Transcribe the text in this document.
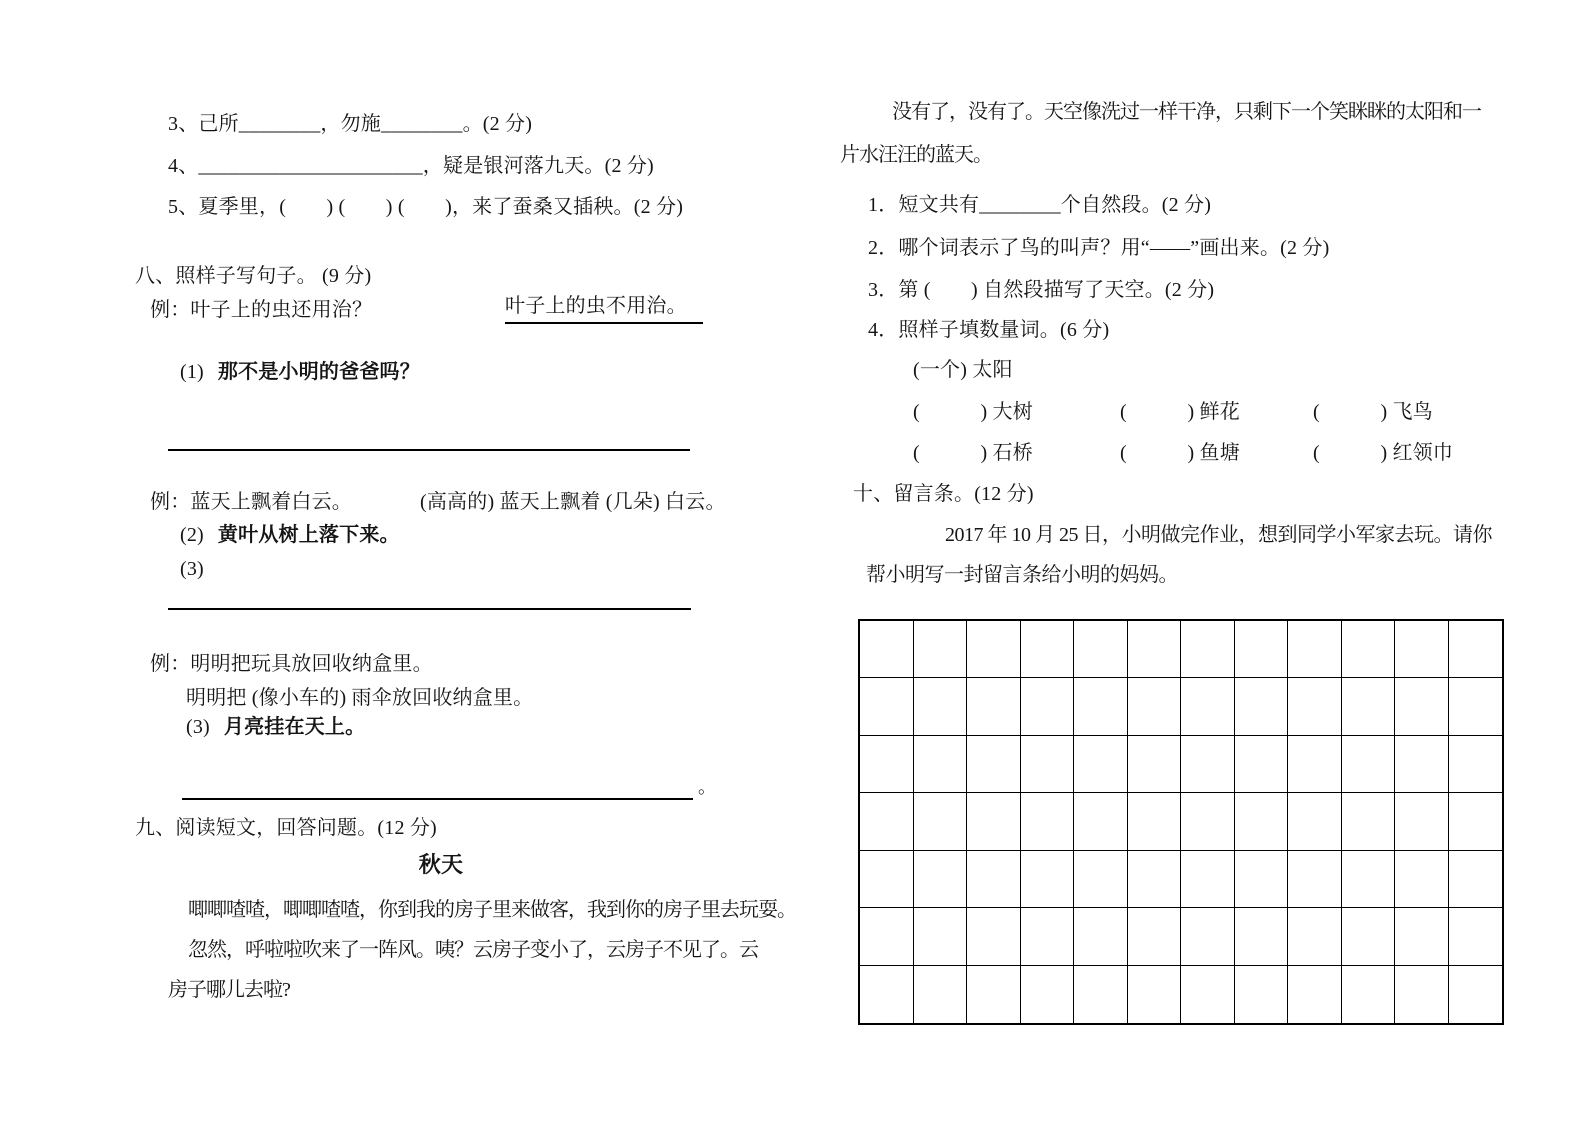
3、己所________，勿施________。(2 分)
4、______________________，疑是银河落九天。(2 分)
5、夏季里，(　　) (　　) (　　)，来了蚕桑又插秧。(2 分)
八、照样子写句子。 (9 分)
例：叶子上的虫还用治？	叶子上的虫不用治。
(1) 那不是小明的爸爸吗？
例：蓝天上飘着白云。	(高高的) 蓝天上飘着 (几朵) 白云。
(2) 黄叶从树上落下来。
(3)
例：明明把玩具放回收纳盒里。
明明把 (像小车的) 雨伞放回收纳盒里。
(3) 月亮挂在天上。
。
九、阅读短文，回答问题。(12 分)
秋天
唧唧喳喳，唧唧喳喳，你到我的房子里来做客，我到你的房子里去玩耍。
忽然，呼啦啦吹来了一阵风。咦？云房子变小了，云房子不见了。云
房子哪儿去啦?
没有了，没有了。天空像洗过一样干净，只剩下一个笑眯眯的太阳和一
片水汪汪的蓝天。
1．短文共有________个自然段。(2 分)
2．哪个词表示了鸟的叫声？用“——”画出来。(2 分)
3．第 (　　) 自然段描写了天空。(2 分)
4．照样子填数量词。(6 分)
(一个) 太阳
(　　　) 大树	(　　　) 鲜花	(　　　) 飞鸟
(　　　) 石桥	(　　　) 鱼塘	(　　　) 红领巾
十、留言条。(12 分)
2017 年 10 月 25 日，小明做完作业，想到同学小军家去玩。请你
帮小明写一封留言条给小明的妈妈。
